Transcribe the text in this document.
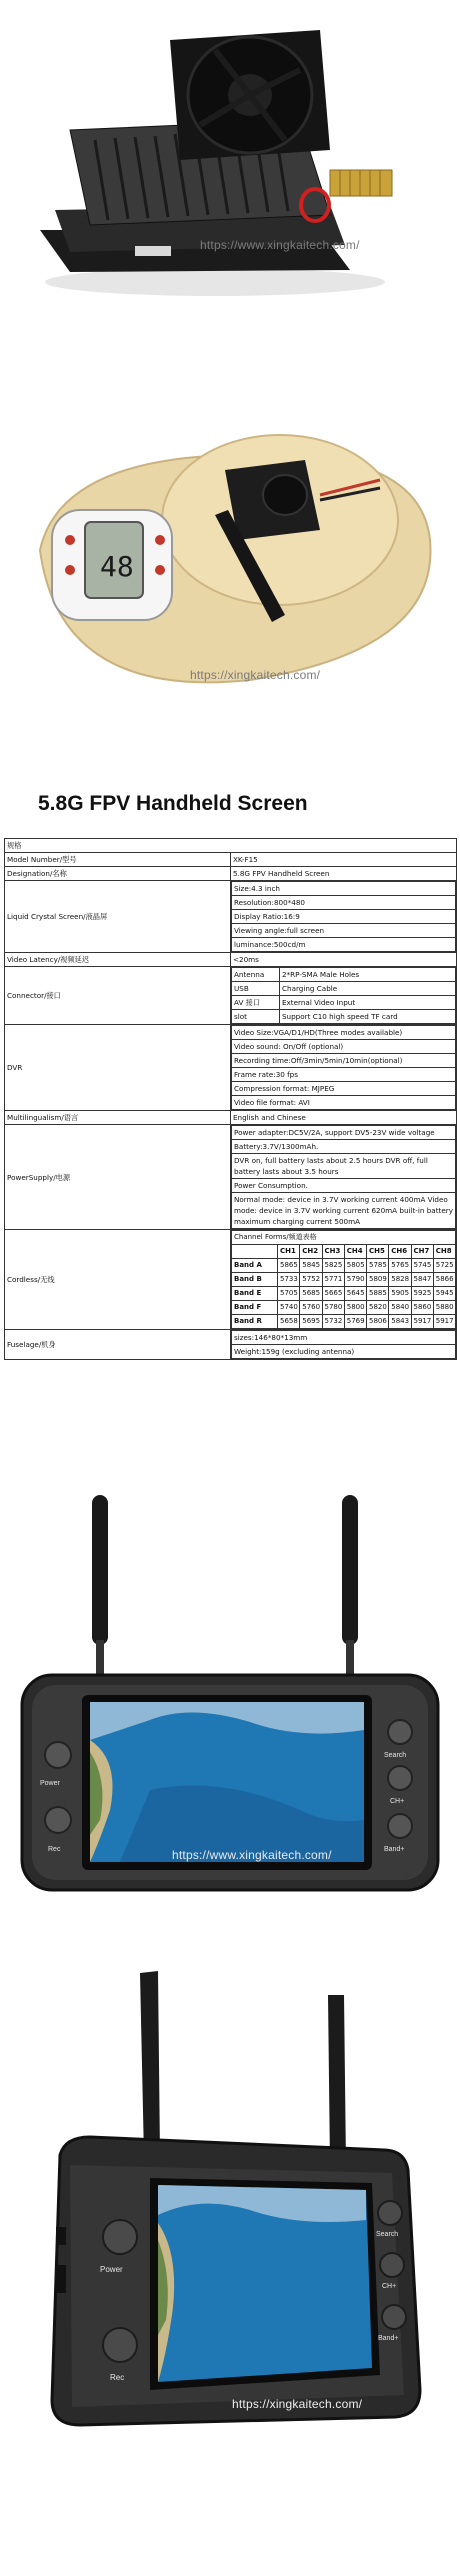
https://www.xingkaitech.com/
48
https://xingkaitech.com/
5.8G FPV Handheld Screen
规格
Model Number/型号	XK-F15
Designation/名称	5.8G FPV Handheld Screen
Liquid Crystal Screen/液晶屏	
Size:4.3 inch
Resolution:800*480
Display Ratio:16:9
Viewing angle:full screen
luminance:500cd/m

Video Latency/视频延迟	<20ms
Connector/接口	
Antenna	2*RP-SMA Male Holes
USB	Charging Cable
AV 接口	External Video Input
slot	Support C10 high speed TF card

DVR	
Video Size:VGA/D1/HD(Three modes available)
Video sound: On/Off (optional)
Recording time:Off/3min/5min/10min(optional)
Frame rate:30 fps
Compression format: MJPEG
Video file format: AVI

Multilingualism/语言	English and Chinese
PowerSupply/电源	
Power adapter:DC5V/2A, support DV5-23V wide voltage
Battery:3.7V/1300mAh.
DVR on, full battery lasts about 2.5 hours DVR off, full battery lasts about 3.5 hours
Power Consumption.
Normal mode: device in 3.7V working current 400mA Video mode: device in 3.7V working current 620mA built-in battery maximum charging current 500mA

Cordless/无线	
Channel Forms/频道表格
	CH1	CH2	CH3	CH4	CH5	CH6	CH7	CH8
Band A	5865	5845	5825	5805	5785	5765	5745	5725
Band B	5733	5752	5771	5790	5809	5828	5847	5866
Band E	5705	5685	5665	5645	5885	5905	5925	5945
Band F	5740	5760	5780	5800	5820	5840	5860	5880
Band R	5658	5695	5732	5769	5806	5843	5917	5917

Fuselage/机身	
sizes:146*80*13mm
Weight:159g (excluding antenna)
Power
Rec
Search
CH+
Band+
https://www.xingkaitech.com/
Power
Rec
Search
CH+
Band+
https://xingkaitech.com/
